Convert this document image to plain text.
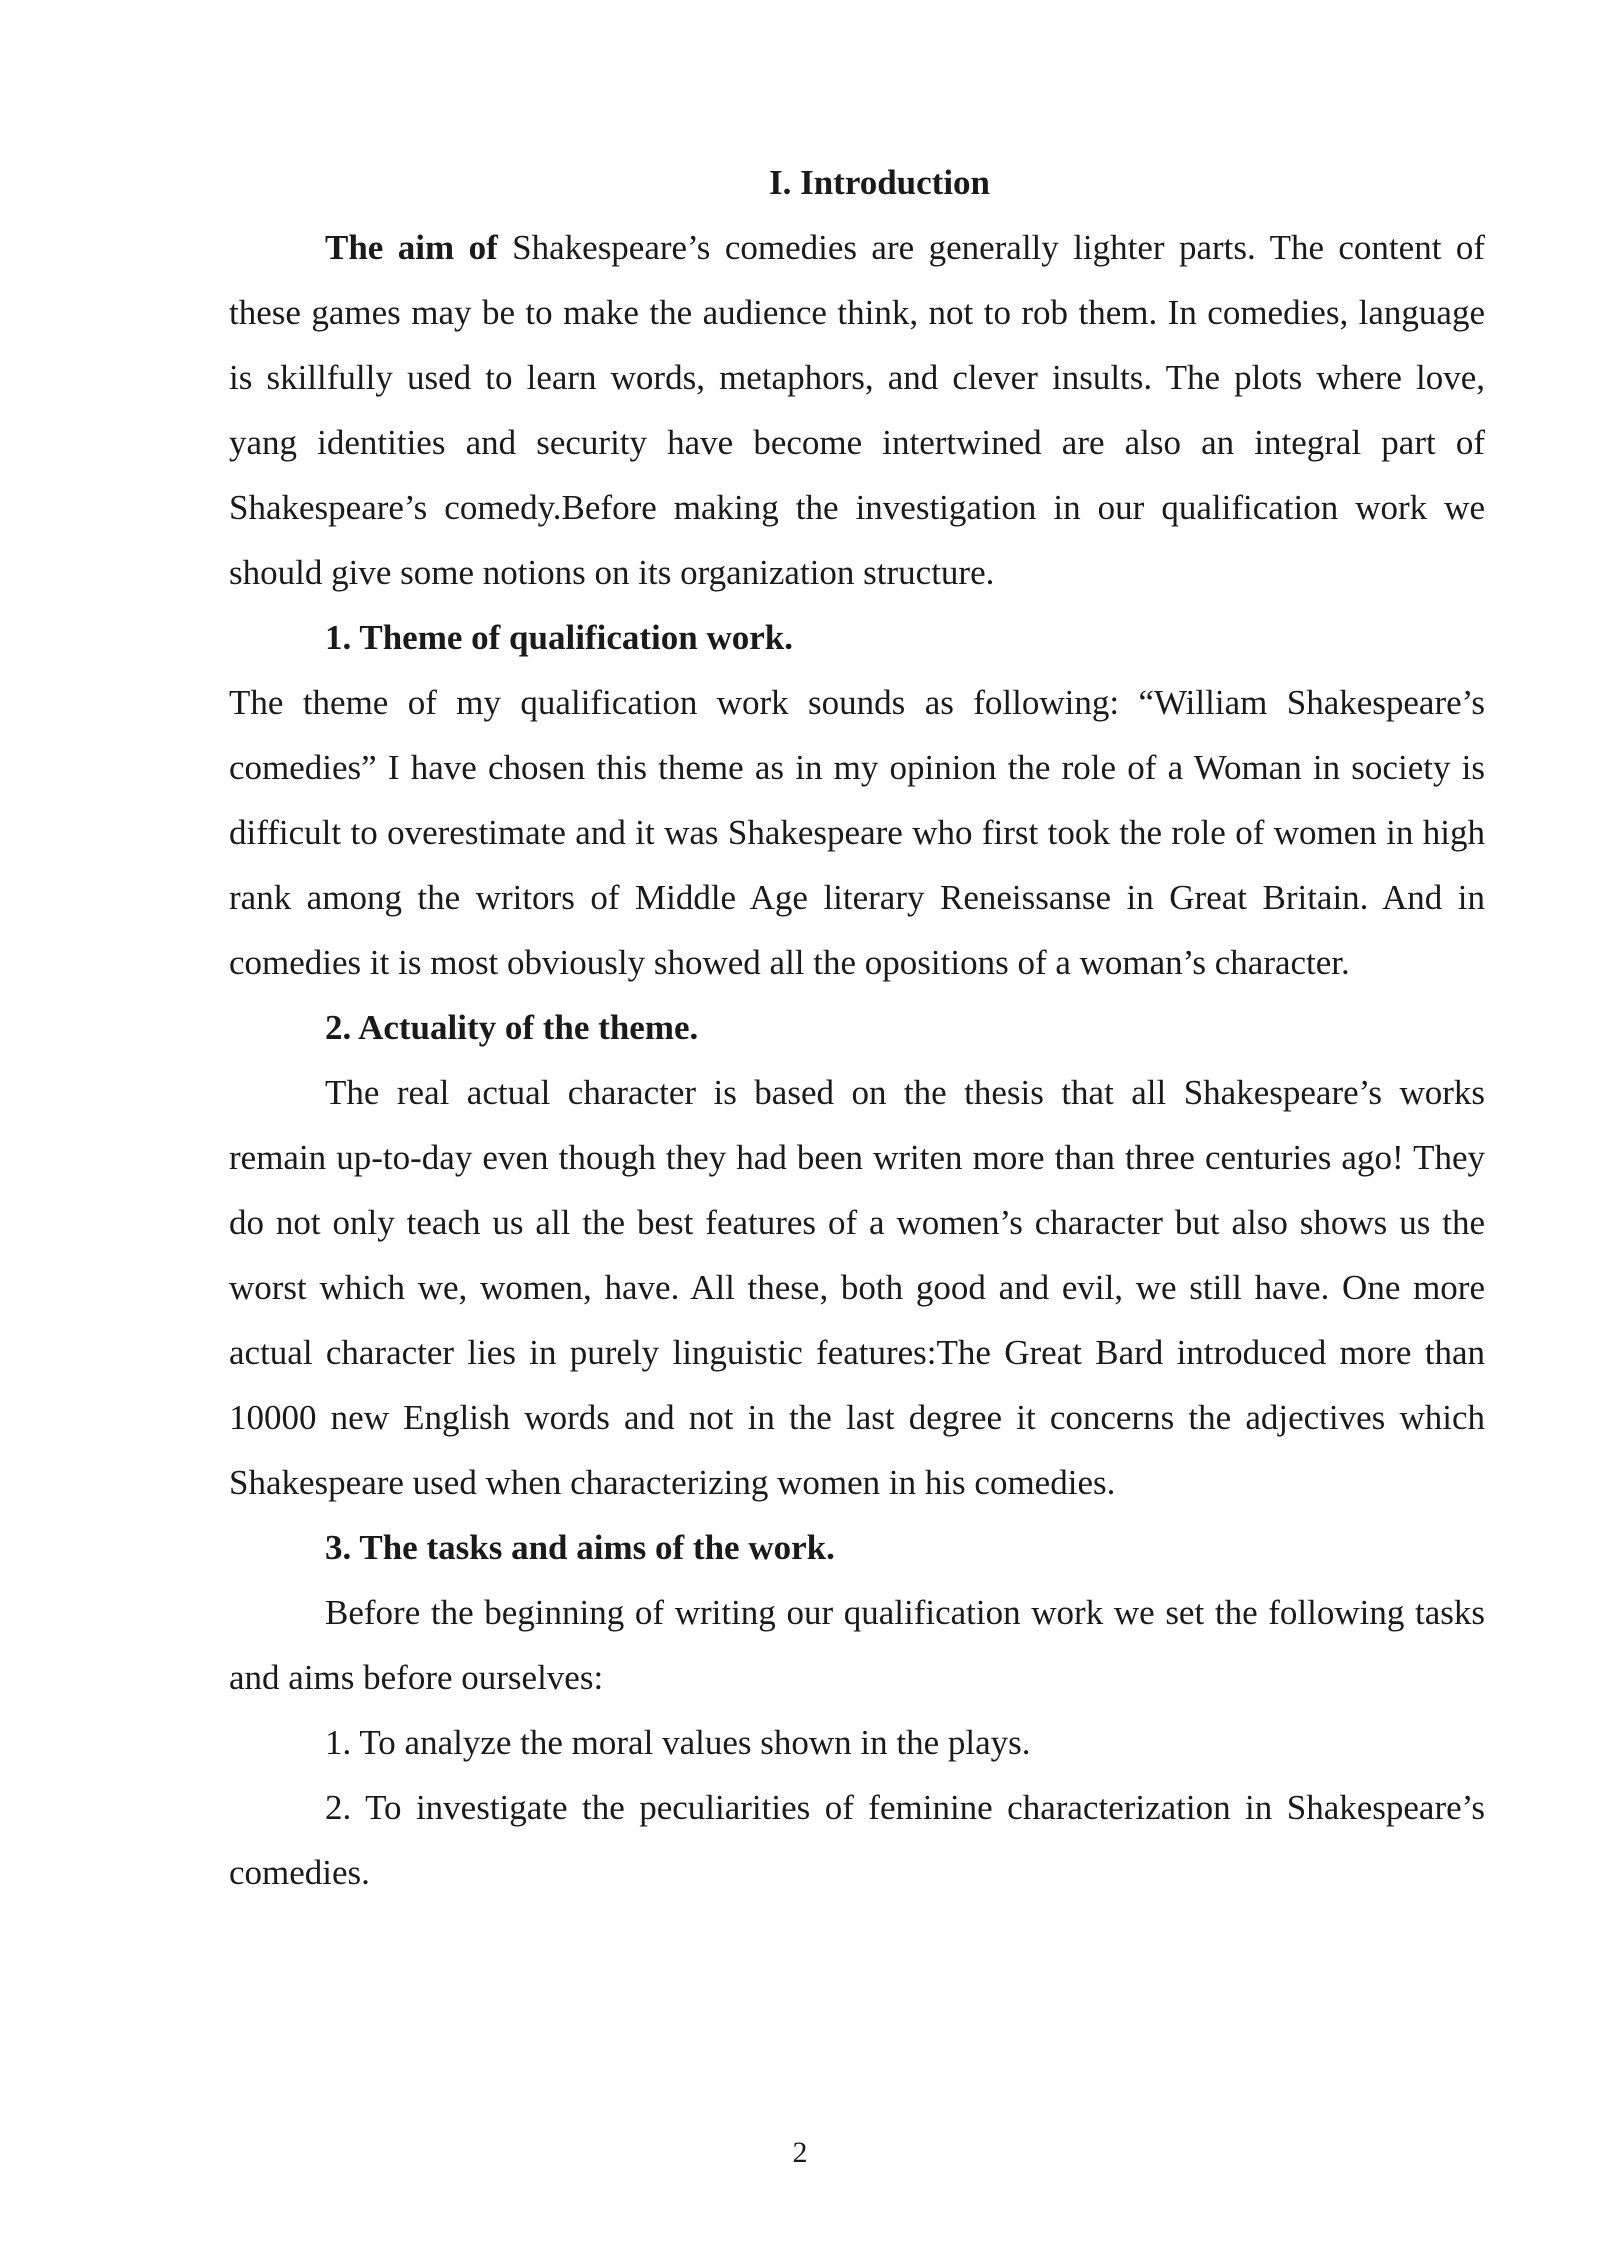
I. Introduction

The aim of Shakespeare’s comedies are generally lighter parts. The content of these games may be to make the audience think, not to rob them. In comedies, language is skillfully used to learn words, metaphors, and clever insults. The plots where love, yang identities and security have become intertwined are also an integral part of Shakespeare’s comedy.Before making the investigation in our qualification work we should give some notions on its organization structure.

1. Theme of qualification work.

The theme of my qualification work sounds as following: “William Shakespeare’s comedies” I have chosen this theme as in my opinion the role of a Woman in society is difficult to overestimate and it was Shakespeare who first took the role of women in high rank among the writors of Middle Age literary Reneissanse in Great Britain. And in comedies it is most obviously showed all the opositions of a woman’s character.

2. Actuality of the theme.

The real actual character is based on the thesis that all Shakespeare’s works remain up-to-day even though they had been writen more than three centuries ago! They do not only teach us all the best features of a women’s character but also shows us the worst which we, women, have. All these, both good and evil, we still have. One more actual character lies in purely linguistic features:The Great Bard introduced more than 10000 new English words and not in the last degree it concerns the adjectives which Shakespeare used when characterizing women in his comedies.

3. The tasks and aims of the work.

Before the beginning of writing our qualification work we set the following tasks and aims before ourselves:

1. To analyze the moral values shown in the plays.

2. To investigate the peculiarities of feminine characterization in Shakespeare’s comedies.

2
